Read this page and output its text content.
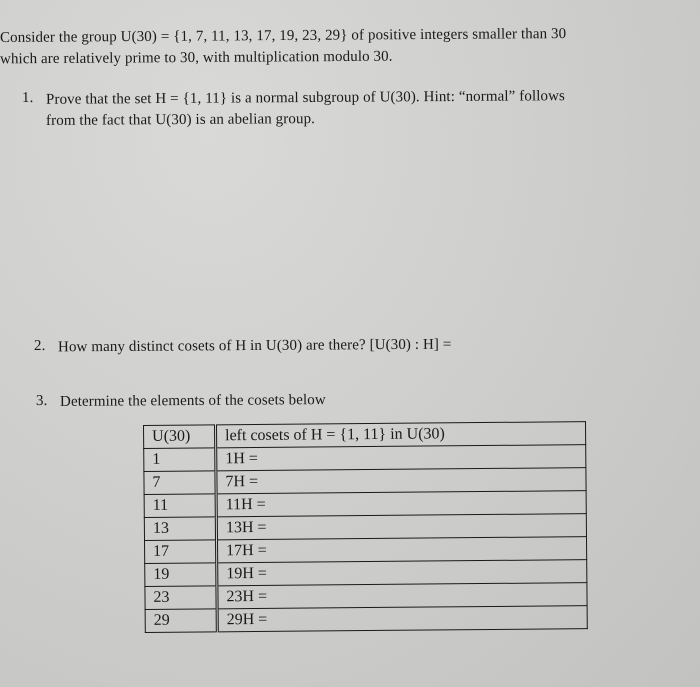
Consider the group U(30) = {1, 7, 11, 13, 17, 19, 23, 29} of positive integers smaller than 30
which are relatively prime to 30, with multiplication modulo 30.
1. Prove that the set H = {1, 11} is a normal subgroup of U(30). Hint: “normal” follows
from the fact that U(30) is an abelian group.
2. How many distinct cosets of H in U(30) are there? [U(30) : H] =
3. Determine the elements of the cosets below
U(30)	left cosets of H = {1, 11} in U(30)
1	1H =
7	7H =
11	11H =
13	13H =
17	17H =
19	19H =
23	23H =
29	29H =
